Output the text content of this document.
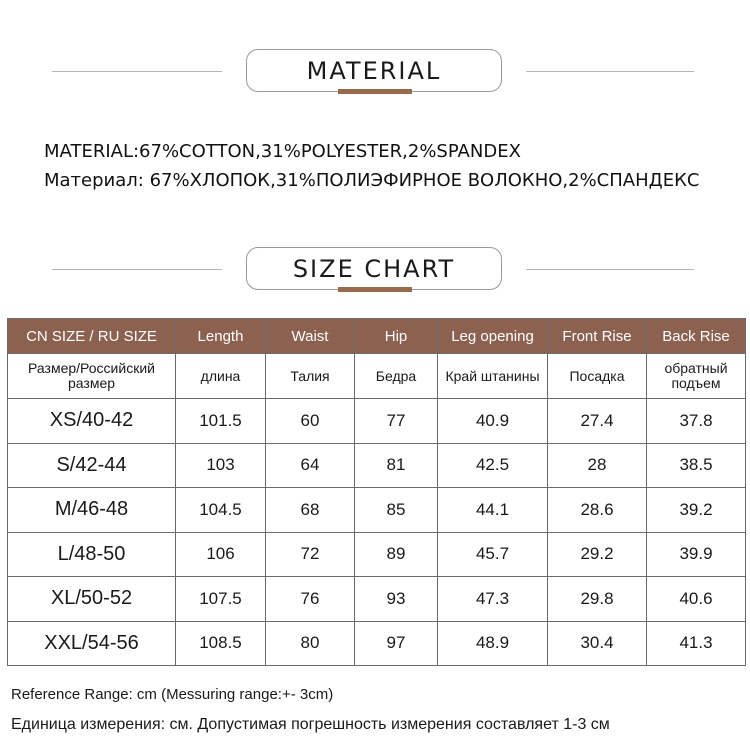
MATERIAL
MATERIAL:67%COTTON,31%POLYESTER,2%SPANDEX
Материал: 67%ХЛОПОК,31%ПОЛИЭФИРНОЕ ВОЛОКНО,2%СПАНДЕКС
SIZE CHART
CN SIZE / RU SIZE	Length	Waist	Hip	Leg opening	Front Rise	Back Rise
Размер/Российский размер	длина	Талия	Бедра	Край штанины	Посадка	обратный подъем
XS/40-42	101.5	60	77	40.9	27.4	37.8
S/42-44	103	64	81	42.5	28	38.5
M/46-48	104.5	68	85	44.1	28.6	39.2
L/48-50	106	72	89	45.7	29.2	39.9
XL/50-52	107.5	76	93	47.3	29.8	40.6
XXL/54-56	108.5	80	97	48.9	30.4	41.3
Reference Range: cm (Messuring range:+- 3cm)
Единица измерения: см. Допустимая погрешность измерения составляет 1-3 см
